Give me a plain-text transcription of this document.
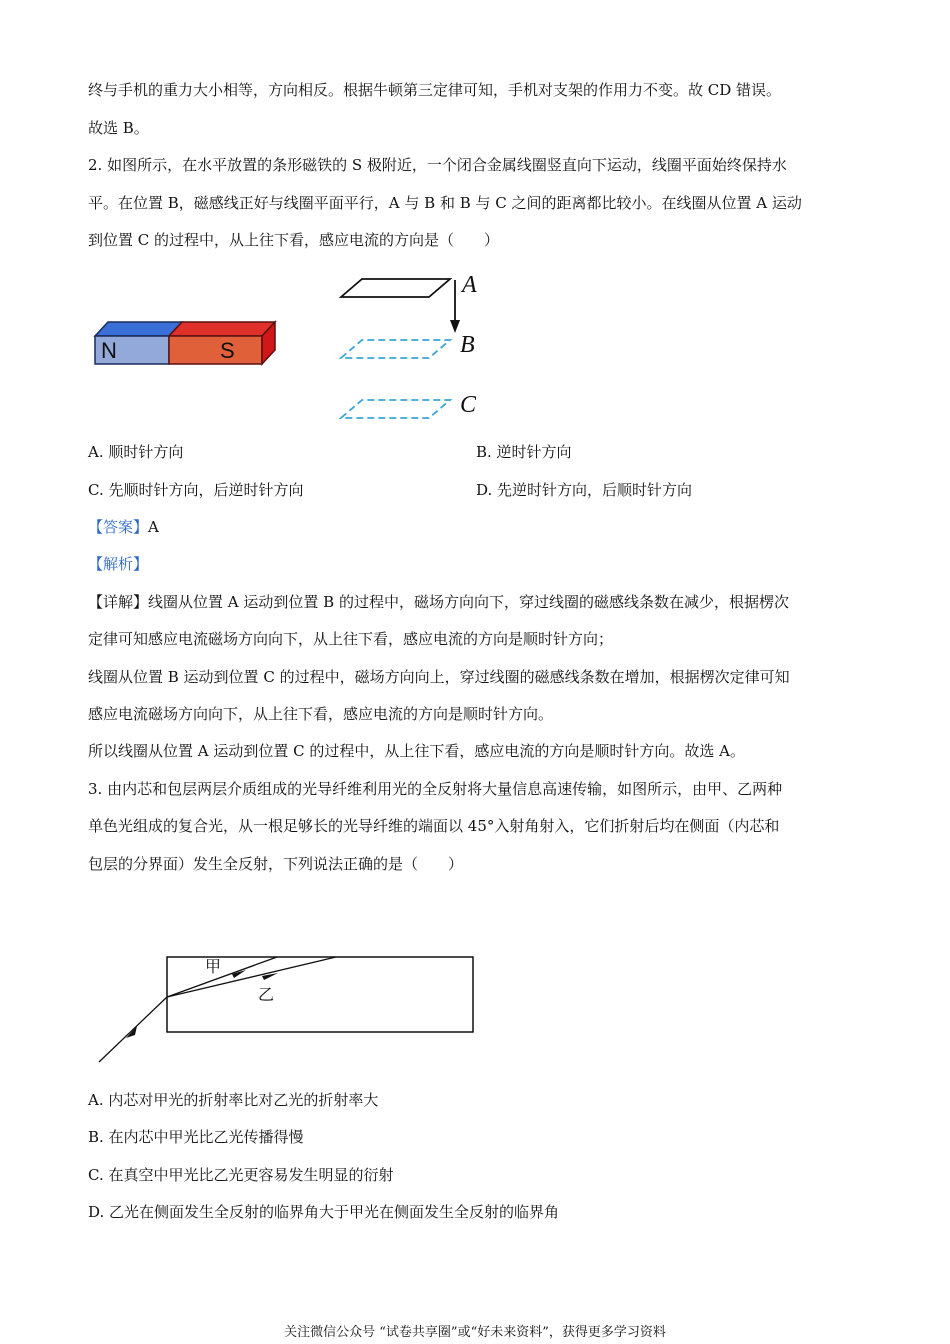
终与手机的重力大小相等，方向相反。根据牛顿第三定律可知，手机对支架的作用力不变。故 CD 错误。
故选 B。
2. 如图所示，在水平放置的条形磁铁的 S 极附近，一个闭合金属线圈竖直向下运动，线圈平面始终保持水
平。在位置 B，磁感线正好与线圈平面平行，A 与 B 和 B 与 C 之间的距离都比较小。在线圈从位置 A 运动
到位置 C 的过程中，从上往下看，感应电流的方向是（　　）
N	S
A
B
C
甲
乙
A. 顺时针方向	B. 逆时针方向
C. 先顺时针方向，后逆时针方向	D. 先逆时针方向，后顺时针方向
【答案】A
【解析】
【详解】线圈从位置 A 运动到位置 B 的过程中，磁场方向向下，穿过线圈的磁感线条数在减少，根据楞次
定律可知感应电流磁场方向向下，从上往下看，感应电流的方向是顺时针方向；
线圈从位置 B 运动到位置 C 的过程中，磁场方向向上，穿过线圈的磁感线条数在增加，根据楞次定律可知
感应电流磁场方向向下，从上往下看，感应电流的方向是顺时针方向。
所以线圈从位置 A 运动到位置 C 的过程中，从上往下看，感应电流的方向是顺时针方向。故选 A。
3. 由内芯和包层两层介质组成的光导纤维利用光的全反射将大量信息高速传输，如图所示，由甲、乙两种
单色光组成的复合光，从一根足够长的光导纤维的端面以 45°入射角射入，它们折射后均在侧面（内芯和
包层的分界面）发生全反射，下列说法正确的是（　　）
A. 内芯对甲光的折射率比对乙光的折射率大
B. 在内芯中甲光比乙光传播得慢
C. 在真空中甲光比乙光更容易发生明显的衍射
D. 乙光在侧面发生全反射的临界角大于甲光在侧面发生全反射的临界角
关注微信公众号 “试卷共享圈”或“好未来资料”，获得更多学习资料
